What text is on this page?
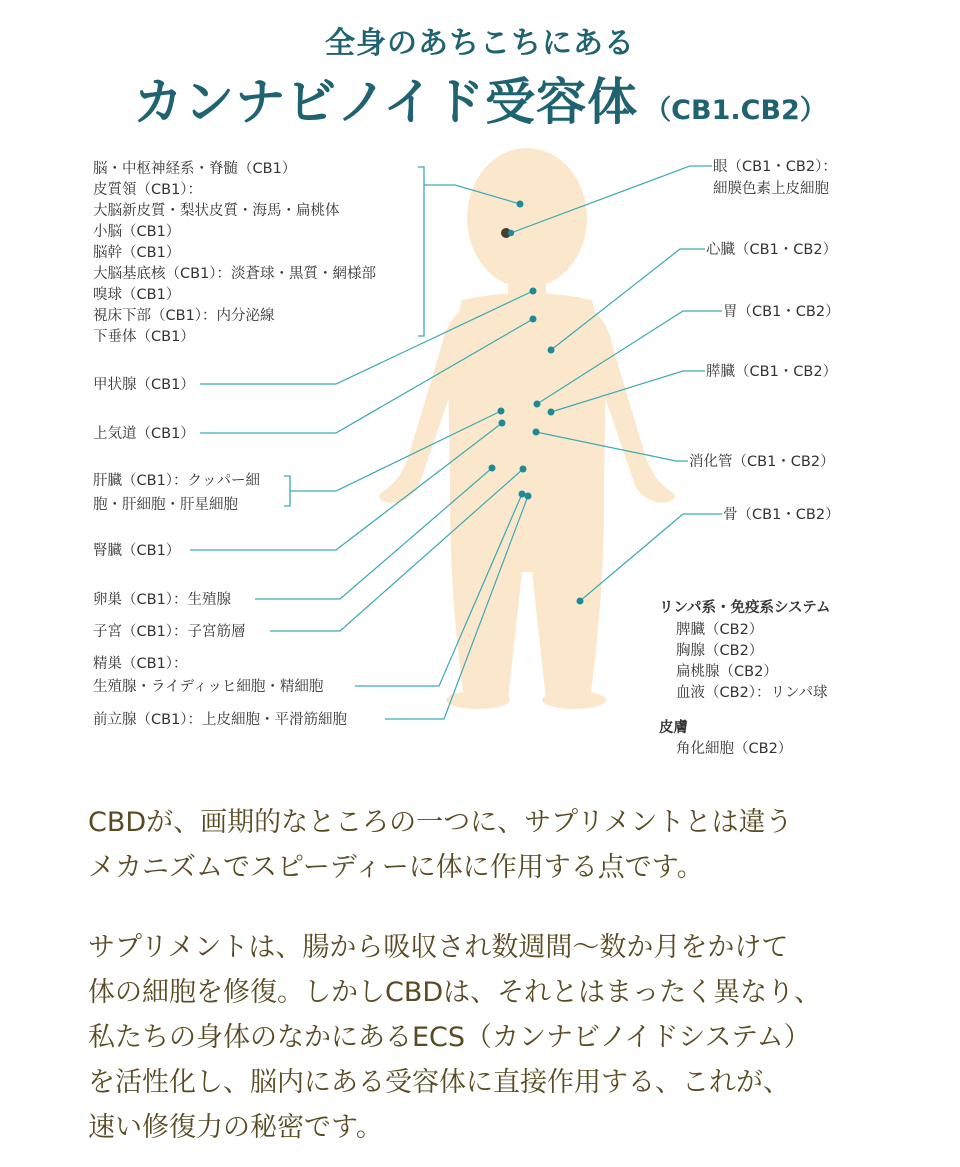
全身のあちこちにある
カンナビノイド受容体 （CB1.CB2）
脳・中枢神経系・脊髄（CB1）
皮質領（CB1）：
大脳新皮質・梨状皮質・海馬・扁桃体
小脳（CB1）
脳幹（CB1）
大脳基底核（CB1）：淡蒼球・黒質・網様部
嗅球（CB1）
視床下部（CB1）：内分泌線
下垂体（CB1）
甲状腺（CB1）
上気道（CB1）
肝臓（CB1）：クッパー細
胞・肝細胞・肝星細胞
腎臓（CB1）
卵巣（CB1）：生殖腺
子宮（CB1）：子宮筋層
精巣（CB1）：
生殖腺・ライディッヒ細胞・精細胞
前立腺（CB1）：上皮細胞・平滑筋細胞
眼（CB1・CB2）：
細膜色素上皮細胞
心臓（CB1・CB2）
胃（CB1・CB2）
膵臓（CB1・CB2）
消化管（CB1・CB2）
骨（CB1・CB2）
リンパ系・免疫系システム
脾臓（CB2）
胸腺（CB2）
扁桃腺（CB2）
血液（CB2）：リンパ球
皮膚
角化細胞（CB2）

CBDが、画期的なところの一つに、サプリメントとは違う

メカニズムでスピーディーに体に作用する点です。

サプリメントは、腸から吸収され数週間〜数か月をかけて

体の細胞を修復。しかしCBDは、それとはまったく異なり、

私たちの身体のなかにあるECS（カンナビノイドシステム）

を活性化し、脳内にある受容体に直接作用する、これが、

速い修復力の秘密です。
